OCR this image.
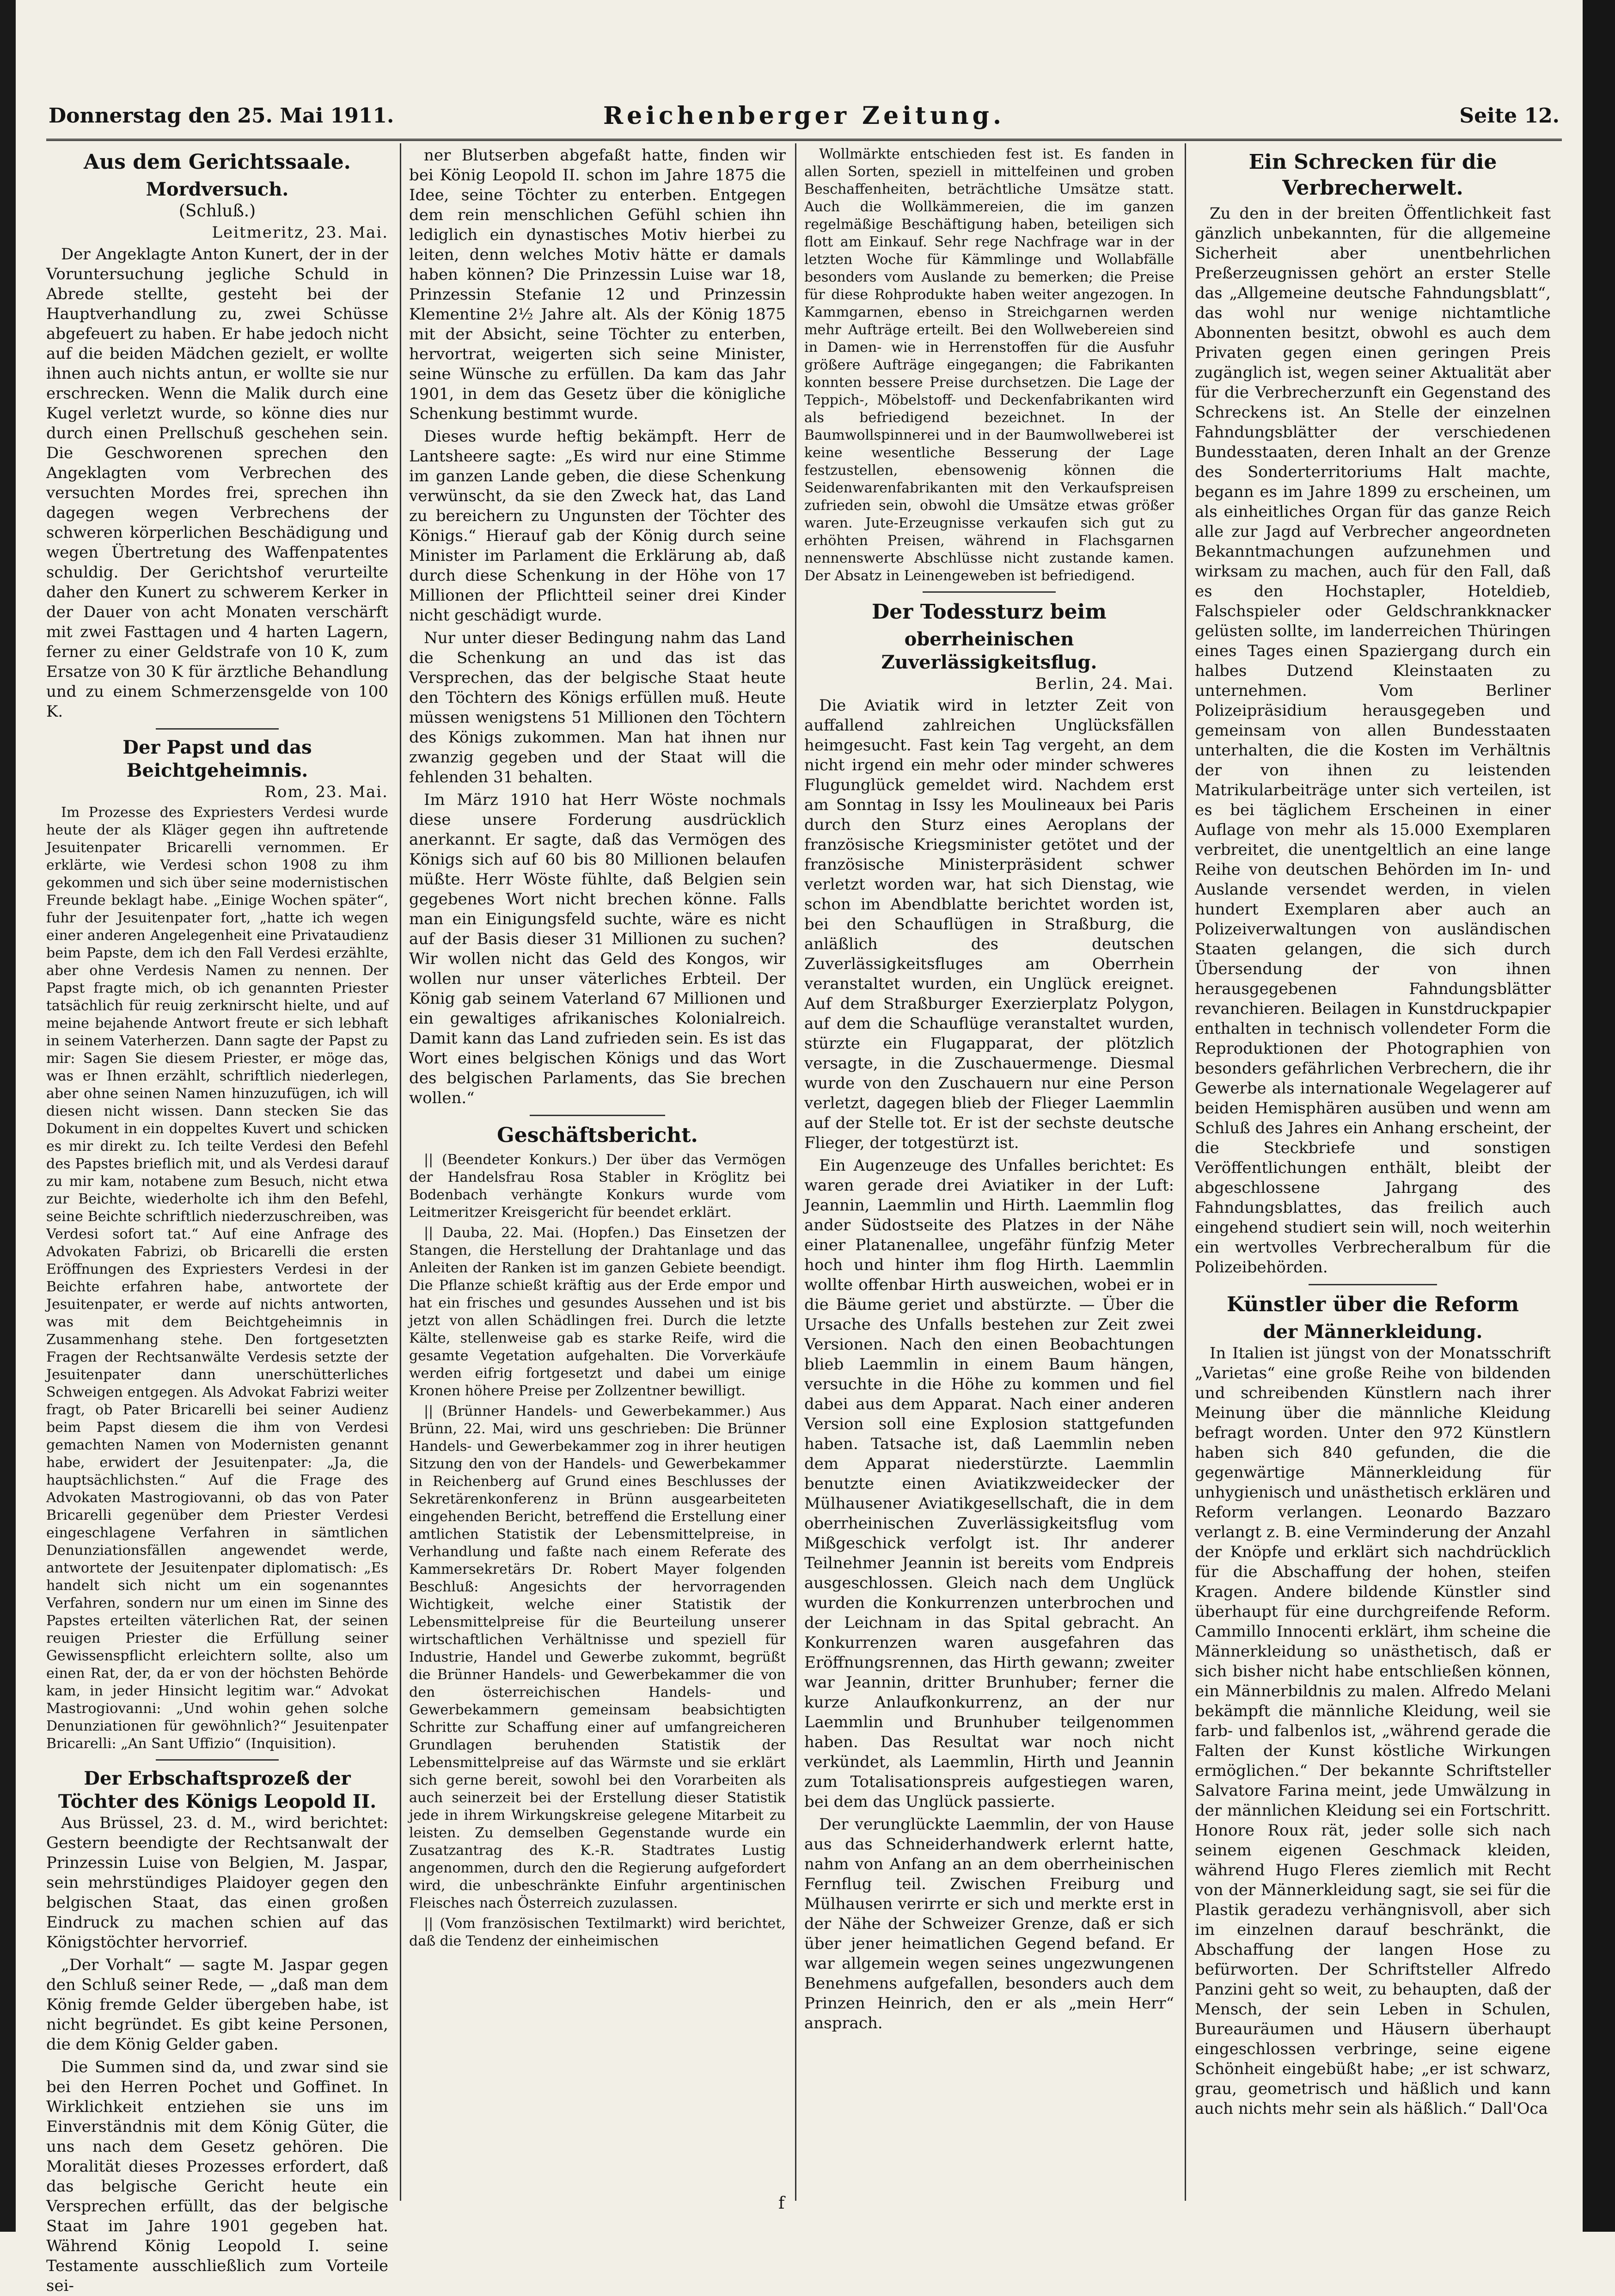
Donnerstag den 25. Mai 1911.	Reichenberger Zeitung.	Seite 12.
Aus dem Gerichtssaale.
Mordversuch.
(Schluß.)
Leitmeritz, 23. Mai.

Der Angeklagte Anton Kunert, der in der Voruntersuchung jegliche Schuld in Abrede stellte, gesteht bei der Hauptverhandlung zu, zwei Schüsse abgefeuert zu haben. Er habe jedoch nicht auf die beiden Mädchen gezielt, er wollte ihnen auch nichts antun, er wollte sie nur erschrecken. Wenn die Malik durch eine Kugel verletzt wurde, so könne dies nur durch einen Prellschuß geschehen sein. Die Geschworenen sprechen den Angeklagten vom Verbrechen des versuchten Mordes frei, sprechen ihn dagegen wegen Verbrechens der schweren körperlichen Beschädigung und wegen Übertretung des Waffenpatentes schuldig. Der Gerichtshof verurteilte daher den Kunert zu schwerem Kerker in der Dauer von acht Monaten verschärft mit zwei Fasttagen und 4 harten Lagern, ferner zu einer Geldstrafe von 10 K, zum Ersatze von 30 K für ärztliche Behandlung und zu einem Schmerzensgelde von 100 K.

Der Papst und das Beichtgeheimnis.
Rom, 23. Mai.

Im Prozesse des Expriesters Verdesi wurde heute der als Kläger gegen ihn auftretende Jesuitenpater Bricarelli vernommen. Er erklärte, wie Verdesi schon 1908 zu ihm gekommen und sich über seine modernistischen Freunde beklagt habe. „Einige Wochen später“, fuhr der Jesuitenpater fort, „hatte ich wegen einer anderen Angelegenheit eine Privataudienz beim Papste, dem ich den Fall Verdesi erzählte, aber ohne Verdesis Namen zu nennen. Der Papst fragte mich, ob ich genannten Priester tatsächlich für reuig zerknirscht hielte, und auf meine bejahende Antwort freute er sich lebhaft in seinem Vaterherzen. Dann sagte der Papst zu mir: Sagen Sie diesem Priester, er möge das, was er Ihnen erzählt, schriftlich niederlegen, aber ohne seinen Namen hinzuzufügen, ich will diesen nicht wissen. Dann stecken Sie das Dokument in ein doppeltes Kuvert und schicken es mir direkt zu. Ich teilte Verdesi den Befehl des Papstes brieflich mit, und als Verdesi darauf zu mir kam, notabene zum Besuch, nicht etwa zur Beichte, wiederholte ich ihm den Befehl, seine Beichte schriftlich niederzuschreiben, was Verdesi sofort tat.“ Auf eine Anfrage des Advokaten Fabrizi, ob Bricarelli die ersten Eröffnungen des Expriesters Verdesi in der Beichte erfahren habe, antwortete der Jesuitenpater, er werde auf nichts antworten, was mit dem Beichtgeheimnis in Zusammenhang stehe. Den fortgesetzten Fragen der Rechtsanwälte Verdesis setzte der Jesuitenpater dann unerschütterliches Schweigen entgegen. Als Advokat Fabrizi weiter fragt, ob Pater Bricarelli bei seiner Audienz beim Papst diesem die ihm von Verdesi gemachten Namen von Modernisten genannt habe, erwidert der Jesuitenpater: „Ja, die hauptsächlichsten.“ Auf die Frage des Advokaten Mastrogiovanni, ob das von Pater Bricarelli gegenüber dem Priester Verdesi eingeschlagene Verfahren in sämtlichen Denunziationsfällen angewendet werde, antwortete der Jesuitenpater diplomatisch: „Es handelt sich nicht um ein sogenanntes Verfahren, sondern nur um einen im Sinne des Papstes erteilten väterlichen Rat, der seinen reuigen Priester die Erfüllung seiner Gewissenspflicht erleichtern sollte, also um einen Rat, der, da er von der höchsten Behörde kam, in jeder Hinsicht legitim war.“ Advokat Mastrogiovanni: „Und wohin gehen solche Denunziationen für gewöhnlich?“ Jesuitenpater Bricarelli: „An Sant Uffizio“ (Inquisition).

Der Erbschaftsprozeß der
Töchter des Königs Leopold II.

Aus Brüssel, 23. d. M., wird berichtet: Gestern beendigte der Rechtsanwalt der Prinzessin Luise von Belgien, M. Jaspar, sein mehrstündiges Plaidoyer gegen den belgischen Staat, das einen großen Eindruck zu machen schien auf das Königstöchter hervorrief.

„Der Vorhalt“ — sagte M. Jaspar gegen den Schluß seiner Rede, — „daß man dem König fremde Gelder übergeben habe, ist nicht begründet. Es gibt keine Personen, die dem König Gelder gaben.

Die Summen sind da, und zwar sind sie bei den Herren Pochet und Goffinet. In Wirklichkeit entziehen sie uns im Einverständnis mit dem König Güter, die uns nach dem Gesetz gehören. Die Moralität dieses Prozesses erfordert, daß das belgische Gericht heute ein Versprechen erfüllt, das der belgische Staat im Jahre 1901 gegeben hat. Während König Leopold I. seine Testamente ausschließlich zum Vorteile sei-

ner Blutserben abgefaßt hatte, finden wir bei König Leopold II. schon im Jahre 1875 die Idee, seine Töchter zu enterben. Entgegen dem rein menschlichen Gefühl schien ihn lediglich ein dynastisches Motiv hierbei zu leiten, denn welches Motiv hätte er damals haben können? Die Prinzessin Luise war 18, Prinzessin Stefanie 12 und Prinzessin Klementine 2½ Jahre alt. Als der König 1875 mit der Absicht, seine Töchter zu enterben, hervortrat, weigerten sich seine Minister, seine Wünsche zu erfüllen. Da kam das Jahr 1901, in dem das Gesetz über die königliche Schenkung bestimmt wurde.

Dieses wurde heftig bekämpft. Herr de Lantsheere sagte: „Es wird nur eine Stimme im ganzen Lande geben, die diese Schenkung verwünscht, da sie den Zweck hat, das Land zu bereichern zu Ungunsten der Töchter des Königs.“ Hierauf gab der König durch seine Minister im Parlament die Erklärung ab, daß durch diese Schenkung in der Höhe von 17 Millionen der Pflichtteil seiner drei Kinder nicht geschädigt wurde.

Nur unter dieser Bedingung nahm das Land die Schenkung an und das ist das Versprechen, das der belgische Staat heute den Töchtern des Königs erfüllen muß. Heute müssen wenigstens 51 Millionen den Töchtern des Königs zukommen. Man hat ihnen nur zwanzig gegeben und der Staat will die fehlenden 31 behalten.

Im März 1910 hat Herr Wöste nochmals diese unsere Forderung ausdrücklich anerkannt. Er sagte, daß das Vermögen des Königs sich auf 60 bis 80 Millionen belaufen müßte. Herr Wöste fühlte, daß Belgien sein gegebenes Wort nicht brechen könne. Falls man ein Einigungsfeld suchte, wäre es nicht auf der Basis dieser 31 Millionen zu suchen? Wir wollen nicht das Geld des Kongos, wir wollen nur unser väterliches Erbteil. Der König gab seinem Vaterland 67 Millionen und ein gewaltiges afrikanisches Kolonialreich. Damit kann das Land zufrieden sein. Es ist das Wort eines belgischen Königs und das Wort des belgischen Parlaments, das Sie brechen wollen.“

Geschäftsbericht.

|| (Beendeter Konkurs.) Der über das Vermögen der Handelsfrau Rosa Stabler in Kröglitz bei Bodenbach verhängte Konkurs wurde vom Leitmeritzer Kreisgericht für beendet erklärt.

|| Dauba, 22. Mai. (Hopfen.) Das Einsetzen der Stangen, die Herstellung der Drahtanlage und das Anleiten der Ranken ist im ganzen Gebiete beendigt. Die Pflanze schießt kräftig aus der Erde empor und hat ein frisches und gesundes Aussehen und ist bis jetzt von allen Schädlingen frei. Durch die letzte Kälte, stellenweise gab es starke Reife, wird die gesamte Vegetation aufgehalten. Die Vorverkäufe werden eifrig fortgesetzt und dabei um einige Kronen höhere Preise per Zollzentner bewilligt.

|| (Brünner Handels- und Gewerbekammer.) Aus Brünn, 22. Mai, wird uns geschrieben: Die Brünner Handels- und Gewerbekammer zog in ihrer heutigen Sitzung den von der Handels- und Gewerbekammer in Reichenberg auf Grund eines Beschlusses der Sekretärenkonferenz in Brünn ausgearbeiteten eingehenden Bericht, betreffend die Erstellung einer amtlichen Statistik der Lebensmittelpreise, in Verhandlung und faßte nach einem Referate des Kammersekretärs Dr. Robert Mayer folgenden Beschluß: Angesichts der hervorragenden Wichtigkeit, welche einer Statistik der Lebensmittelpreise für die Beurteilung unserer wirtschaftlichen Verhältnisse und speziell für Industrie, Handel und Gewerbe zukommt, begrüßt die Brünner Handels- und Gewerbekammer die von den österreichischen Handels- und Gewerbekammern gemeinsam beabsichtigten Schritte zur Schaffung einer auf umfangreicheren Grundlagen beruhenden Statistik der Lebensmittelpreise auf das Wärmste und sie erklärt sich gerne bereit, sowohl bei den Vorarbeiten als auch seinerzeit bei der Erstellung dieser Statistik jede in ihrem Wirkungskreise gelegene Mitarbeit zu leisten. Zu demselben Gegenstande wurde ein Zusatzantrag des K.-R. Stadtrates Lustig angenommen, durch den die Regierung aufgefordert wird, die unbeschränkte Einfuhr argentinischen Fleisches nach Österreich zuzulassen.

|| (Vom französischen Textilmarkt) wird berichtet, daß die Tendenz der einheimischen

Wollmärkte entschieden fest ist. Es fanden in allen Sorten, speziell in mittelfeinen und groben Beschaffenheiten, beträchtliche Umsätze statt. Auch die Wollkämmereien, die im ganzen regelmäßige Beschäftigung haben, beteiligen sich flott am Einkauf. Sehr rege Nachfrage war in der letzten Woche für Kämmlinge und Wollabfälle besonders vom Auslande zu bemerken; die Preise für diese Rohprodukte haben weiter angezogen. In Kammgarnen, ebenso in Streichgarnen werden mehr Aufträge erteilt. Bei den Wollwebereien sind in Damen- wie in Herrenstoffen für die Ausfuhr größere Aufträge eingegangen; die Fabrikanten konnten bessere Preise durchsetzen. Die Lage der Teppich-, Möbelstoff- und Deckenfabrikanten wird als befriedigend bezeichnet. In der Baumwollspinnerei und in der Baumwollweberei ist keine wesentliche Besserung der Lage festzustellen, ebensowenig können die Seidenwarenfabrikanten mit den Verkaufspreisen zufrieden sein, obwohl die Umsätze etwas größer waren. Jute-Erzeugnisse verkaufen sich gut zu erhöhten Preisen, während in Flachsgarnen nennenswerte Abschlüsse nicht zustande kamen. Der Absatz in Leinengeweben ist befriedigend.

Der Todessturz beim
oberrheinischen Zuverlässigkeitsflug.
Berlin, 24. Mai.

Die Aviatik wird in letzter Zeit von auffallend zahlreichen Unglücksfällen heimgesucht. Fast kein Tag vergeht, an dem nicht irgend ein mehr oder minder schweres Flugunglück gemeldet wird. Nachdem erst am Sonntag in Issy les Moulineaux bei Paris durch den Sturz eines Aeroplans der französische Kriegsminister getötet und der französische Ministerpräsident schwer verletzt worden war, hat sich Dienstag, wie schon im Abendblatte berichtet worden ist, bei den Schauflügen in Straßburg, die anläßlich des deutschen Zuverlässigkeitsfluges am Oberrhein veranstaltet wurden, ein Unglück ereignet. Auf dem Straßburger Exerzierplatz Polygon, auf dem die Schauflüge veranstaltet wurden, stürzte ein Flugapparat, der plötzlich versagte, in die Zuschauermenge. Diesmal wurde von den Zuschauern nur eine Person verletzt, dagegen blieb der Flieger Laemmlin auf der Stelle tot. Er ist der sechste deutsche Flieger, der totgestürzt ist.

Ein Augenzeuge des Unfalles berichtet: Es waren gerade drei Aviatiker in der Luft: Jeannin, Laemmlin und Hirth. Laemmlin flog ander Südostseite des Platzes in der Nähe einer Platanenallee, ungefähr fünfzig Meter hoch und hinter ihm flog Hirth. Laemmlin wollte offenbar Hirth ausweichen, wobei er in die Bäume geriet und abstürzte. — Über die Ursache des Unfalls bestehen zur Zeit zwei Versionen. Nach den einen Beobachtungen blieb Laemmlin in einem Baum hängen, versuchte in die Höhe zu kommen und fiel dabei aus dem Apparat. Nach einer anderen Version soll eine Explosion stattgefunden haben. Tatsache ist, daß Laemmlin neben dem Apparat niederstürzte. Laemmlin benutzte einen Aviatikzweidecker der Mülhausener Aviatikgesellschaft, die in dem oberrheinischen Zuverlässigkeitsflug vom Mißgeschick verfolgt ist. Ihr anderer Teilnehmer Jeannin ist bereits vom Endpreis ausgeschlossen. Gleich nach dem Unglück wurden die Konkurrenzen unterbrochen und der Leichnam in das Spital gebracht. An Konkurrenzen waren ausgefahren das Eröffnungsrennen, das Hirth gewann; zweiter war Jeannin, dritter Brunhuber; ferner die kurze Anlaufkonkurrenz, an der nur Laemmlin und Brunhuber teilgenommen haben. Das Resultat war noch nicht verkündet, als Laemmlin, Hirth und Jeannin zum Totalisationspreis aufgestiegen waren, bei dem das Unglück passierte.

Der verunglückte Laemmlin, der von Hause aus das Schneiderhandwerk erlernt hatte, nahm von Anfang an an dem oberrheinischen Fernflug teil. Zwischen Freiburg und Mülhausen verirrte er sich und merkte erst in der Nähe der Schweizer Grenze, daß er sich über jener heimatlichen Gegend befand. Er war allgemein wegen seines ungezwungenen Benehmens aufgefallen, besonders auch dem Prinzen Heinrich, den er als „mein Herr“ ansprach.

Ein Schrecken für die Verbrecherwelt.

Zu den in der breiten Öffentlichkeit fast gänzlich unbekannten, für die allgemeine Sicherheit aber unentbehrlichen Preßerzeugnissen gehört an erster Stelle das „Allgemeine deutsche Fahndungsblatt“, das wohl nur wenige nichtamtliche Abonnenten besitzt, obwohl es auch dem Privaten gegen einen geringen Preis zugänglich ist, wegen seiner Aktualität aber für die Verbrecherzunft ein Gegenstand des Schreckens ist. An Stelle der einzelnen Fahndungsblätter der verschiedenen Bundesstaaten, deren Inhalt an der Grenze des Sonderterritoriums Halt machte, begann es im Jahre 1899 zu erscheinen, um als einheitliches Organ für das ganze Reich alle zur Jagd auf Verbrecher angeordneten Bekanntmachungen aufzunehmen und wirksam zu machen, auch für den Fall, daß es den Hochstapler, Hoteldieb, Falschspieler oder Geldschrankknacker gelüsten sollte, im landerreichen Thüringen eines Tages einen Spaziergang durch ein halbes Dutzend Kleinstaaten zu unternehmen. Vom Berliner Polizeipräsidium herausgegeben und gemeinsam von allen Bundesstaaten unterhalten, die die Kosten im Verhältnis der von ihnen zu leistenden Matrikularbeiträge unter sich verteilen, ist es bei täglichem Erscheinen in einer Auflage von mehr als 15.000 Exemplaren verbreitet, die unentgeltlich an eine lange Reihe von deutschen Behörden im In- und Auslande versendet werden, in vielen hundert Exemplaren aber auch an Polizeiverwaltungen von ausländischen Staaten gelangen, die sich durch Übersendung der von ihnen herausgegebenen Fahndungsblätter revanchieren. Beilagen in Kunstdruckpapier enthalten in technisch vollendeter Form die Reproduktionen der Photographien von besonders gefährlichen Verbrechern, die ihr Gewerbe als internationale Wegelagerer auf beiden Hemisphären ausüben und wenn am Schluß des Jahres ein Anhang erscheint, der die Steckbriefe und sonstigen Veröffentlichungen enthält, bleibt der abgeschlossene Jahrgang des Fahndungsblattes, das freilich auch eingehend studiert sein will, noch weiterhin ein wertvolles Verbrecheralbum für die Polizeibehörden.

Künstler über die Reform
der Männerkleidung.

In Italien ist jüngst von der Monatsschrift „Varietas“ eine große Reihe von bildenden und schreibenden Künstlern nach ihrer Meinung über die männliche Kleidung befragt worden. Unter den 972 Künstlern haben sich 840 gefunden, die die gegenwärtige Männerkleidung für unhygienisch und unästhetisch erklären und Reform verlangen. Leonardo Bazzaro verlangt z. B. eine Verminderung der Anzahl der Knöpfe und erklärt sich nachdrücklich für die Abschaffung der hohen, steifen Kragen. Andere bildende Künstler sind überhaupt für eine durchgreifende Reform. Cammillo Innocenti erklärt, ihm scheine die Männerkleidung so unästhetisch, daß er sich bisher nicht habe entschließen können, ein Männerbildnis zu malen. Alfredo Melani bekämpft die männliche Kleidung, weil sie farb- und falbenlos ist, „während gerade die Falten der Kunst köstliche Wirkungen ermöglichen.“ Der bekannte Schriftsteller Salvatore Farina meint, jede Umwälzung in der männlichen Kleidung sei ein Fortschritt. Honore Roux rät, jeder solle sich nach seinem eigenen Geschmack kleiden, während Hugo Fleres ziemlich mit Recht von der Männerkleidung sagt, sie sei für die Plastik geradezu verhängnisvoll, aber sich im einzelnen darauf beschränkt, die Abschaffung der langen Hose zu befürworten. Der Schriftsteller Alfredo Panzini geht so weit, zu behaupten, daß der Mensch, der sein Leben in Schulen, Bureauräumen und Häusern überhaupt eingeschlossen verbringe, seine eigene Schönheit eingebüßt habe; „er ist schwarz, grau, geometrisch und häßlich und kann auch nichts mehr sein als häßlich.“ Dall'Oca

f
